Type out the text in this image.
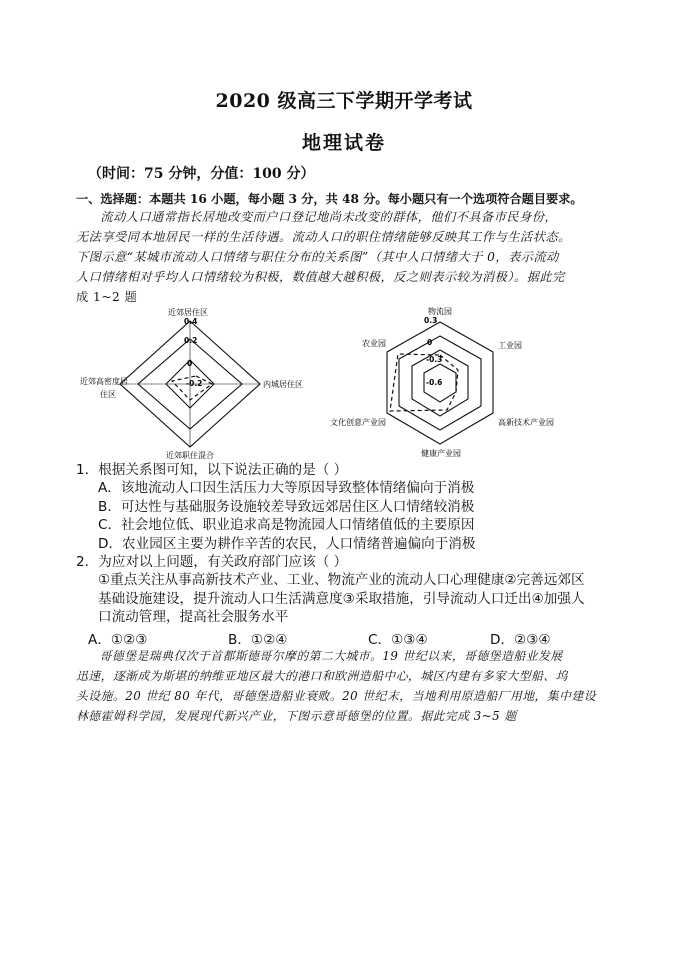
2020 级高三下学期开学考试
地理试卷
（时间：75 分钟，分值：100 分）
一、选择题：本题共 16 小题，每小题 3 分，共 48 分。每小题只有一个选项符合题目要求。
流动人口通常指长居地改变而户口登记地尚未改变的群体，他们不具备市民身份，
无法享受同本地居民一样的生活待遇。流动人口的职住情绪能够反映其工作与生活状态。
下图示意“某城市流动人口情绪与职住分布的关系图”（其中人口情绪大于 0，表示流动
人口情绪相对乎均人口情绪较为积极，数值越大越积极，反之则表示较为消极）。据此完
成 1~2 题
近郊居住区
内城居住区
近郊职住混合
近郊高密度居
住区
0.4
0.2
0
-0.2
物流园
工业园
高新技术产业园
健康产业园
文化创意产业园
农业园
0.3
0
-0.3
-0.6
1．根据关系图可知，以下说法正确的是（ ）
A．该地流动人口因生活压力大等原因导致整体情绪偏向于消极
B．可达性与基础服务设施较差导致远郊居住区人口情绪较消极
C．社会地位低、职业追求高是物流园人口情绪值低的主要原因
D．农业园区主要为耕作辛苦的农民，人口情绪普遍偏向于消极
2．为应对以上问题，有关政府部门应该（ ）
①重点关注从事高新技术产业、工业、物流产业的流动人口心理健康②完善远郊区
基础设施建设，提升流动人口生活满意度③采取措施，引导流动人口迁出④加强人
口流动管理，提高社会服务水平
A．①②③	B．①②④	C．①③④	D．②③④
哥德堡是瑞典仅次于首都斯德哥尔摩的第二大城市。19 世纪以来，哥德堡造船业发展
迅速，逐渐成为斯堪的纳维亚地区最大的港口和欧洲造船中心，城区内建有多家大型船、坞
头设施。20 世纪 80 年代，哥德堡造船业衰败。20 世纪末，当地利用原造船厂用地，集中建设
林德霍姆科学园，发展现代新兴产业，下图示意哥德堡的位置。据此完成 3~5 题
